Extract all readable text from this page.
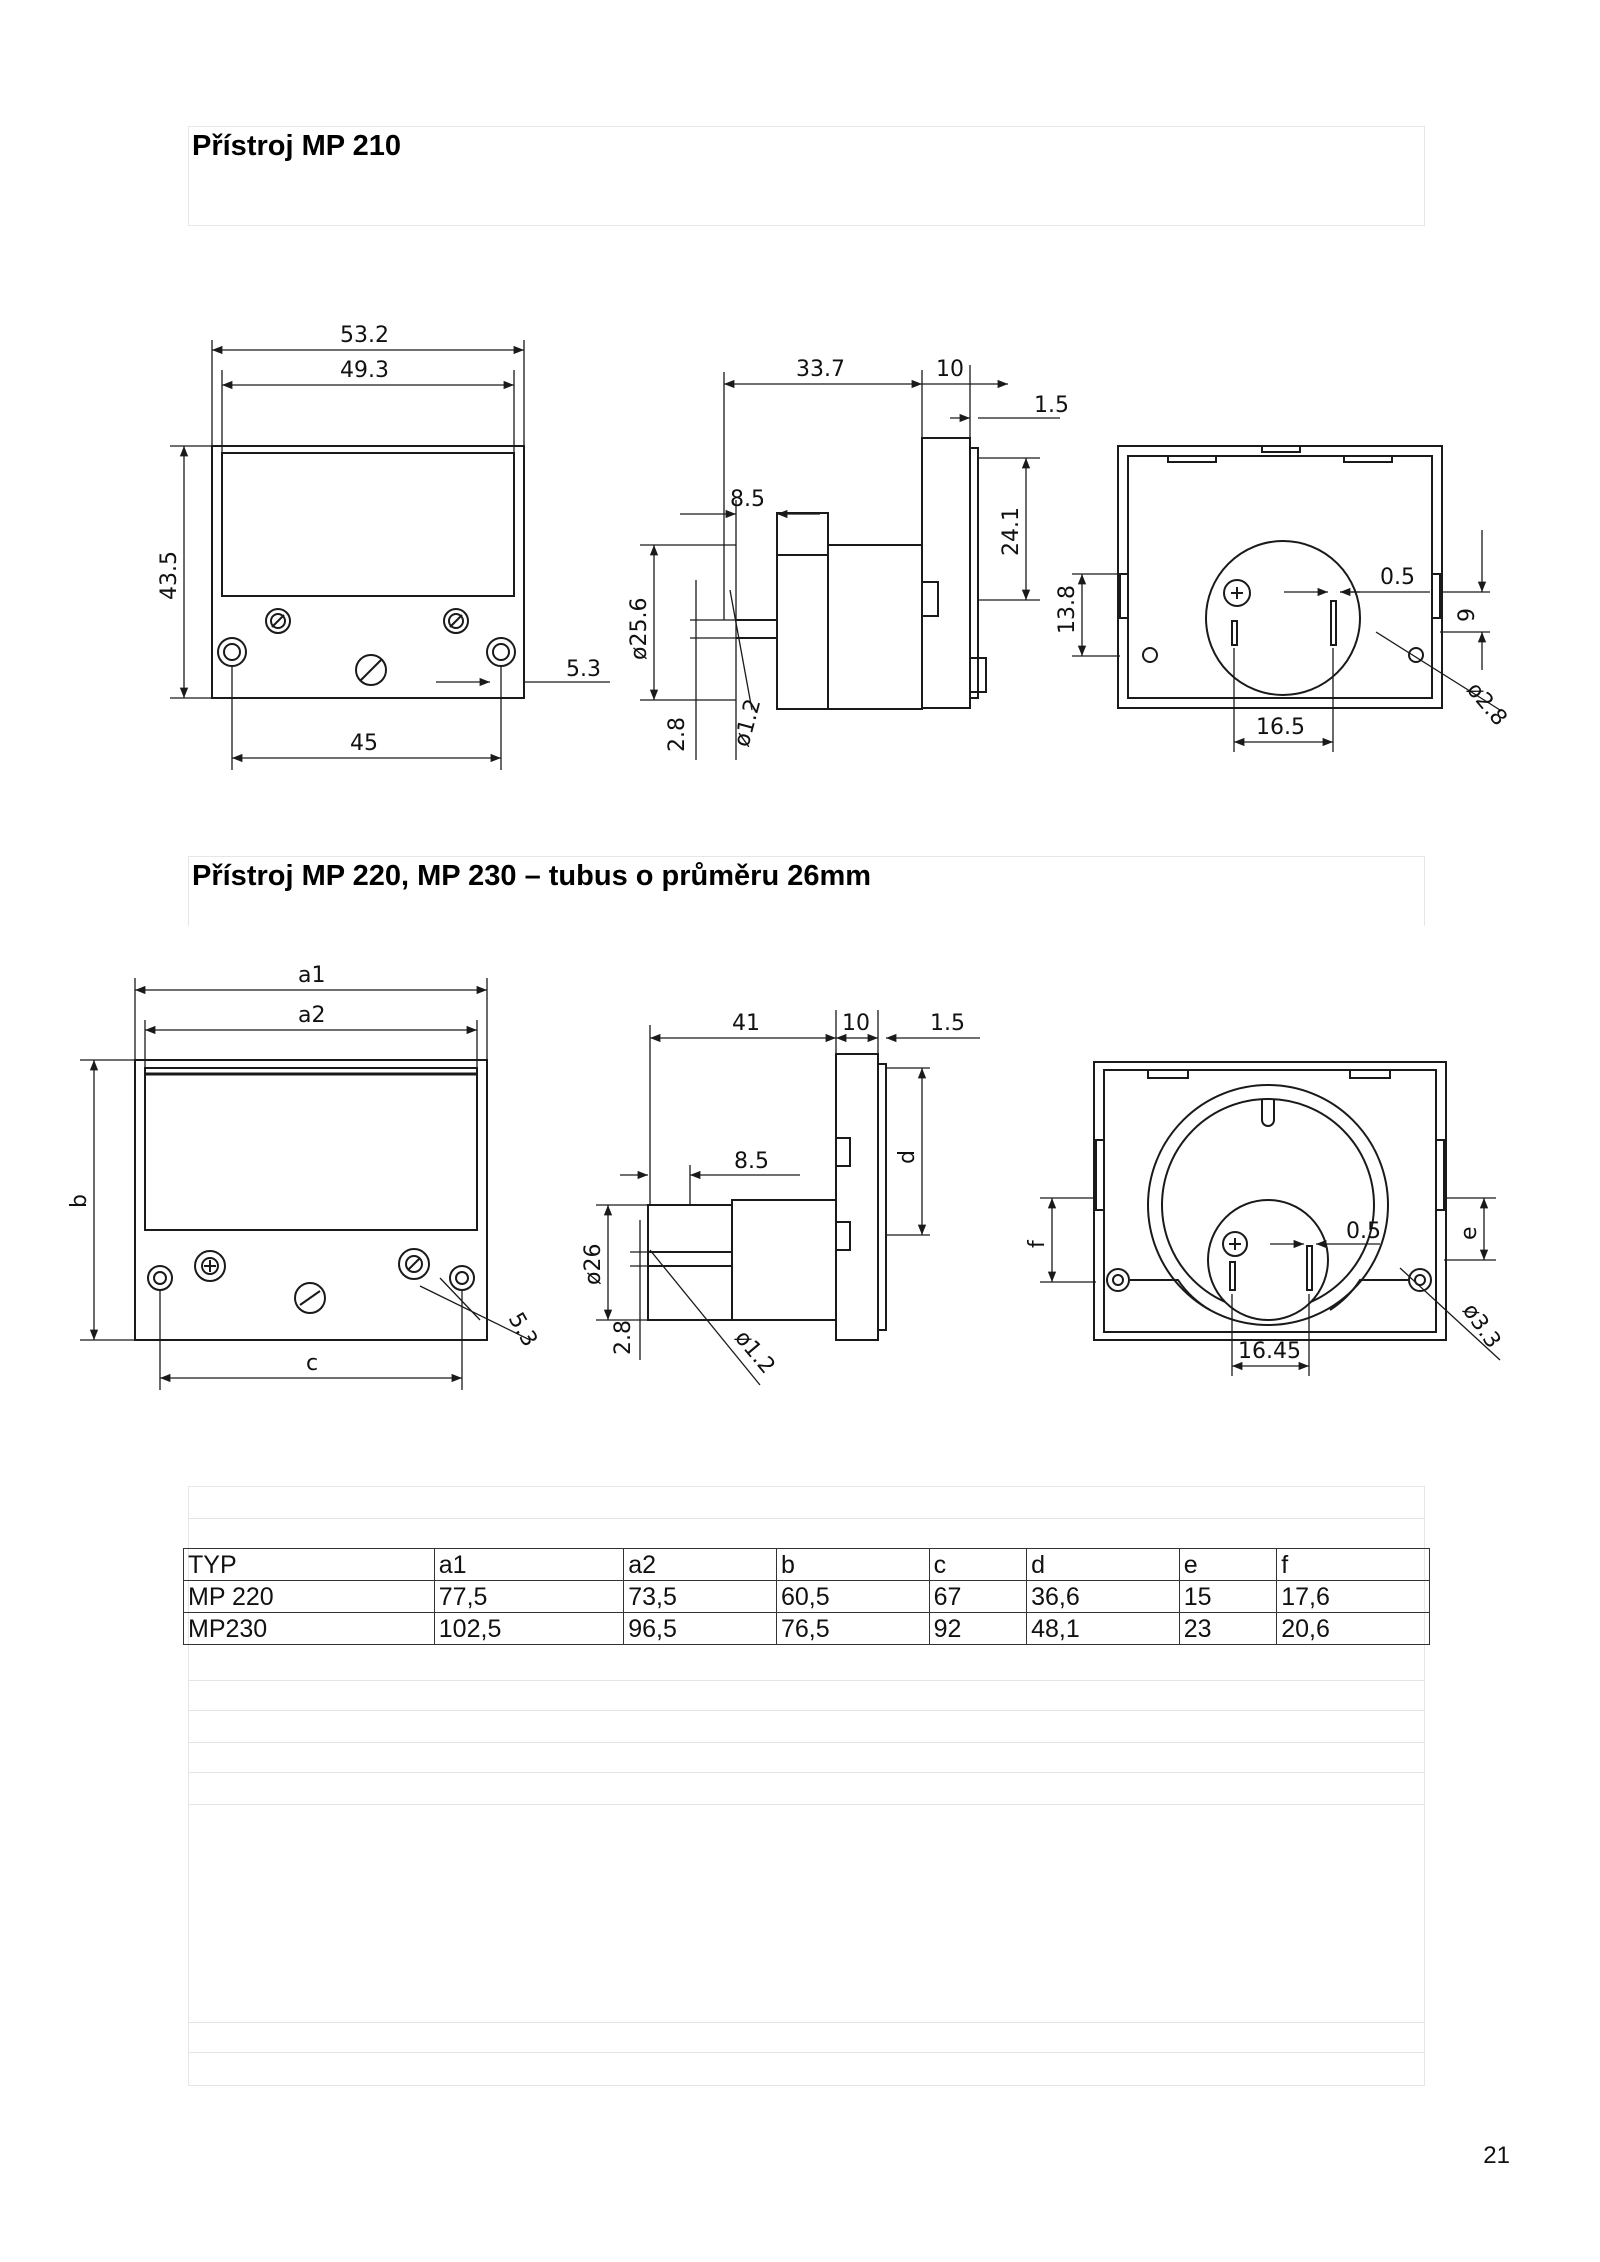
Přístroj MP 210
Přístroj MP 220, MP 230 – tubus o průměru 26mm
53.2
49.3
43.5
45
5.3
33.7	10
1.5
8.5
ø25.6
2.8 ø1.2
24.1
13.8
0.5
9
16.5	ø2.8
a1
a2
b
c
5.3
41	10	1.5
8.5
ø26
2.8	ø1.2
d
f
0.5	e
16.45	ø3.3
TYP	a1	a2	b	c	d	e	f
MP 220	77,5	73,5	60,5	67	36,6	15	17,6
MP230	102,5	96,5	76,5	92	48,1	23	20,6
21
